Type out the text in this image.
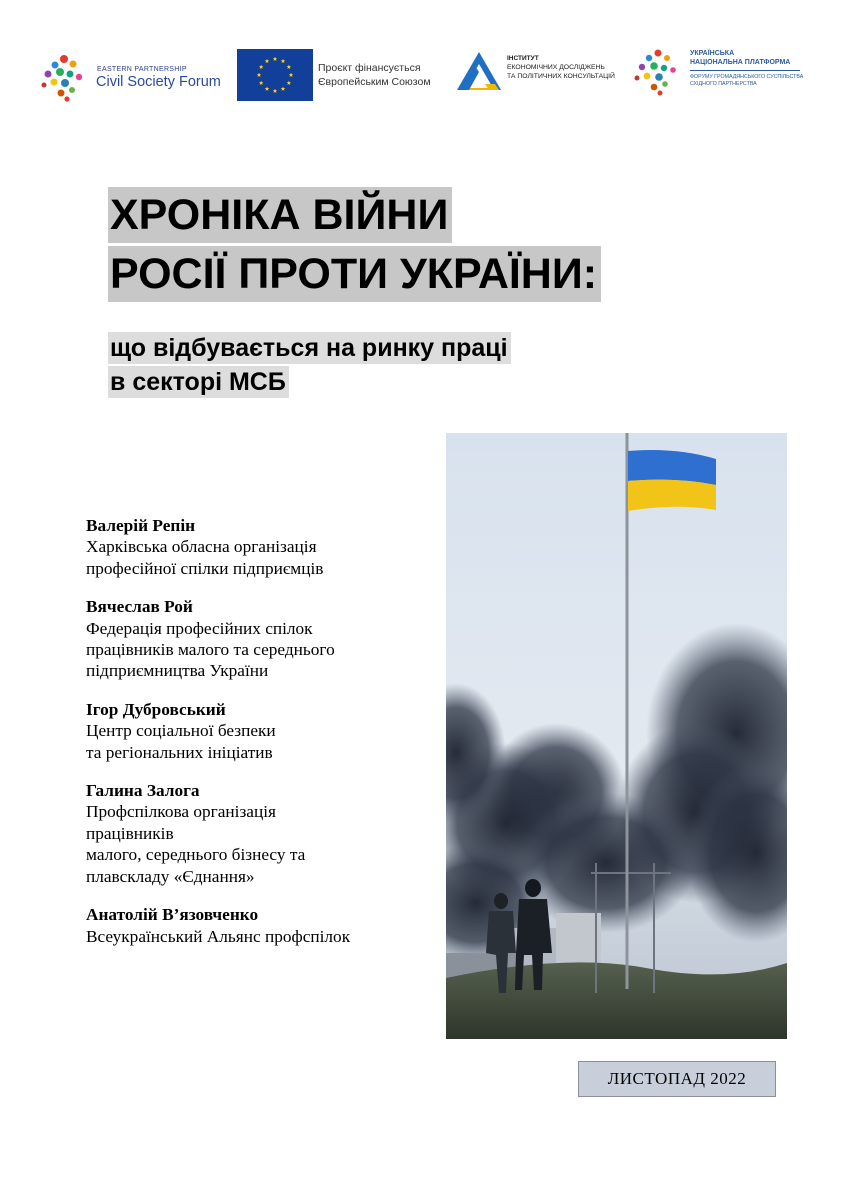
EASTERN PARTNERSHIP
Civil Society Forum
Проєкт фінансується
Європейським Союзом
ІНСТИТУТ
ЕКОНОМІЧНИХ ДОСЛІДЖЕНЬ
ТА ПОЛІТИЧНИХ КОНСУЛЬТАЦІЙ
УКРАЇНСЬКА
НАЦІОНАЛЬНА ПЛАТФОРМА
ФОРУМУ ГРОМАДЯНСЬКОГО СУСПІЛЬСТВА
СХІДНОГО ПАРТНЕРСТВА
ХРОНІКА ВІЙНИ
РОСІЇ ПРОТИ УКРАЇНИ:
що відбувається на ринку праці
в секторі МСБ
Валерій Репін
Харківська обласна організація
професійної спілки підприємців
Вячеслав Рой
Федерація професійних спілок
працівників малого та середнього
підприємництва України
Ігор Дубровський
Центр соціальної безпеки
та регіональних ініціатив
Галина Залога
Профспілкова організація
працівників
малого, середнього бізнесу та
плавскладу «Єднання»
Анатолій В’язовченко
Всеукраїнський Альянс профспілок
ЛИСТОПАД 2022
